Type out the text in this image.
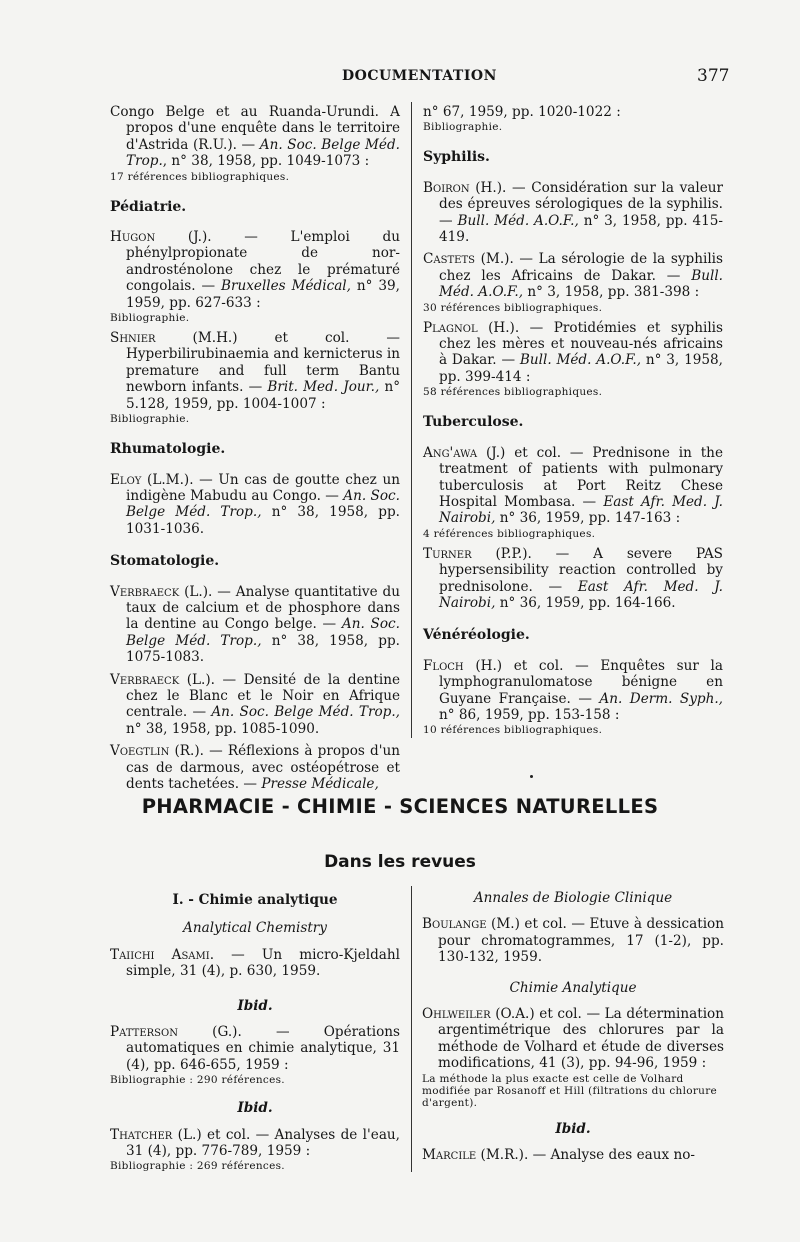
DOCUMENTATION	377
Congo Belge et au Ruanda-Urundi. A propos d'une enquête dans le territoire d'Astrida (R.U.). — An. Soc. Belge Méd. Trop., n° 38, 1958, pp. 1049-1073 :
17 références bibliographiques.
Pédiatrie.
Hugon (J.). — L'emploi du phénylpropionate de nor-androsténolone chez le prématuré congolais. — Bruxelles Médical, n° 39, 1959, pp. 627-633 :
Bibliographie.
Shnier (M.H.) et col. — Hyperbilirubinaemia and kernicterus in premature and full term Bantu newborn infants. — Brit. Med. Jour., n° 5.128, 1959, pp. 1004-1007 :
Bibliographie.
Rhumatologie.
Eloy (L.M.). — Un cas de goutte chez un indigène Mabudu au Congo. — An. Soc. Belge Méd. Trop., n° 38, 1958, pp. 1031-1036.
Stomatologie.
Verbraeck (L.). — Analyse quantitative du taux de calcium et de phosphore dans la dentine au Congo belge. — An. Soc. Belge Méd. Trop., n° 38, 1958, pp. 1075-1083.
Verbraeck (L.). — Densité de la dentine chez le Blanc et le Noir en Afrique centrale. — An. Soc. Belge Méd. Trop., n° 38, 1958, pp. 1085-1090.
Voegtlin (R.). — Réflexions à propos d'un cas de darmous, avec ostéopétrose et dents tachetées. — Presse Médicale,
n° 67, 1959, pp. 1020-1022 :
Bibliographie.
Syphilis.
Boiron (H.). — Considération sur la valeur des épreuves sérologiques de la syphilis. — Bull. Méd. A.O.F., n° 3, 1958, pp. 415-419.
Castets (M.). — La sérologie de la syphilis chez les Africains de Dakar. — Bull. Méd. A.O.F., n° 3, 1958, pp. 381-398 :
30 références bibliographiques.
Plagnol (H.). — Protidémies et syphilis chez les mères et nouveau-nés africains à Dakar. — Bull. Méd. A.O.F., n° 3, 1958, pp. 399-414 :
58 références bibliographiques.
Tuberculose.
Ang'awa (J.) et col. — Prednisone in the treatment of patients with pulmonary tuberculosis at Port Reitz Chese Hospital Mombasa. — East Afr. Med. J. Nairobi, n° 36, 1959, pp. 147-163 :
4 références bibliographiques.
Turner (P.P.). — A severe PAS hypersensibility reaction controlled by prednisolone. — East Afr. Med. J. Nairobi, n° 36, 1959, pp. 164-166.
Vénéréologie.
Floch (H.) et col. — Enquêtes sur la lymphogranulomatose bénigne en Guyane Française. — An. Derm. Syph., n° 86, 1959, pp. 153-158 :
10 références bibliographiques.
PHARMACIE - CHIMIE - SCIENCES NATURELLES
Dans les revues
I. - Chimie analytique
Analytical Chemistry
Taiichi Asami. — Un micro-Kjeldahl simple, 31 (4), p. 630, 1959.
Ibid.
Patterson (G.). — Opérations automatiques en chimie analytique, 31 (4), pp. 646-655, 1959 :
Bibliographie : 290 références.
Ibid.
Thatcher (L.) et col. — Analyses de l'eau, 31 (4), pp. 776-789, 1959 :
Bibliographie : 269 références.
Annales de Biologie Clinique
Boulange (M.) et col. — Etuve à dessication pour chromatogrammes, 17 (1-2), pp. 130-132, 1959.
Chimie Analytique
Ohlweiler (O.A.) et col. — La détermination argentimétrique des chlorures par la méthode de Volhard et étude de diverses modifications, 41 (3), pp. 94-96, 1959 :
La méthode la plus exacte est celle de Volhard modifiée par Rosanoff et Hill (filtrations du chlorure d'argent).
Ibid.
Marcile (M.R.). — Analyse des eaux no-
